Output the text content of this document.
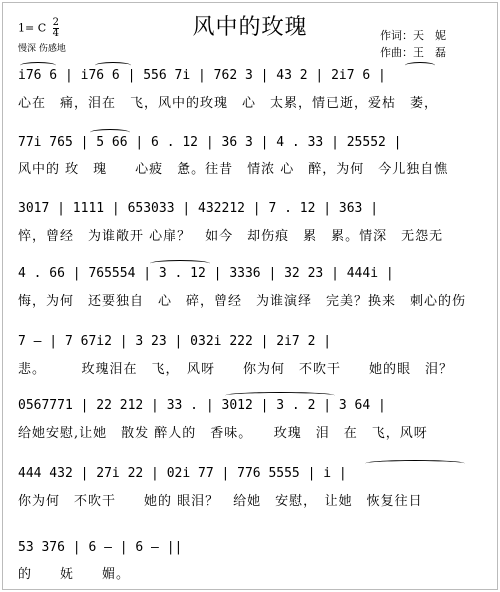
风中的玫瑰
1= C $\frac{2}{4}$
慢深 伤感地
作词：天　妮
作曲：王　磊
i76 6 | i76 6 | 556 7i | 762 3 | 43 2 | 2i7 6 |
心在　痛，泪在　飞，风中的玫瑰　心　太累，情已逝，爱枯　萎，
77i 765 | 5 66 | 6 . 12 | 36 3 | 4 . 33 | 25552 |
风中的 玫　瑰　　心疲　惫。往昔　情浓 心　醉，为何　今儿独自憔
3017 | 1111 | 653033 | 432212 | 7 . 12 | 363 |
悴，曾经　为谁敞开 心扉？　如今　却伤痕　累　累。情深　无怨无
4 . 66 | 765554 | 3 . 12 | 3336 | 32 23 | 444i |
悔，为何　还要独自　心　碎，曾经　为谁演绎　完美？换来　刺心的伤
7 — | 7 67i2 | 3 23 | 032i 222 | 2i7 2 |
悲。　　　玫瑰泪在　飞，　风呀　　你为何　不吹干　　她的眼　泪？
0567771 | 22 212 | 33 . | 3012 | 3 . 2 | 3 64 |
给她安慰,让她　散发 醉人的　香味。　　玫瑰　泪　在　飞，风呀
444 432 | 27i 22 | 02i 77 | 776 5555 | i |
你为何　不吹干　　她的 眼泪？　给她　安慰，　让她　恢复往日
53 376 | 6 — | 6 — ||
的　　妩　　媚。
